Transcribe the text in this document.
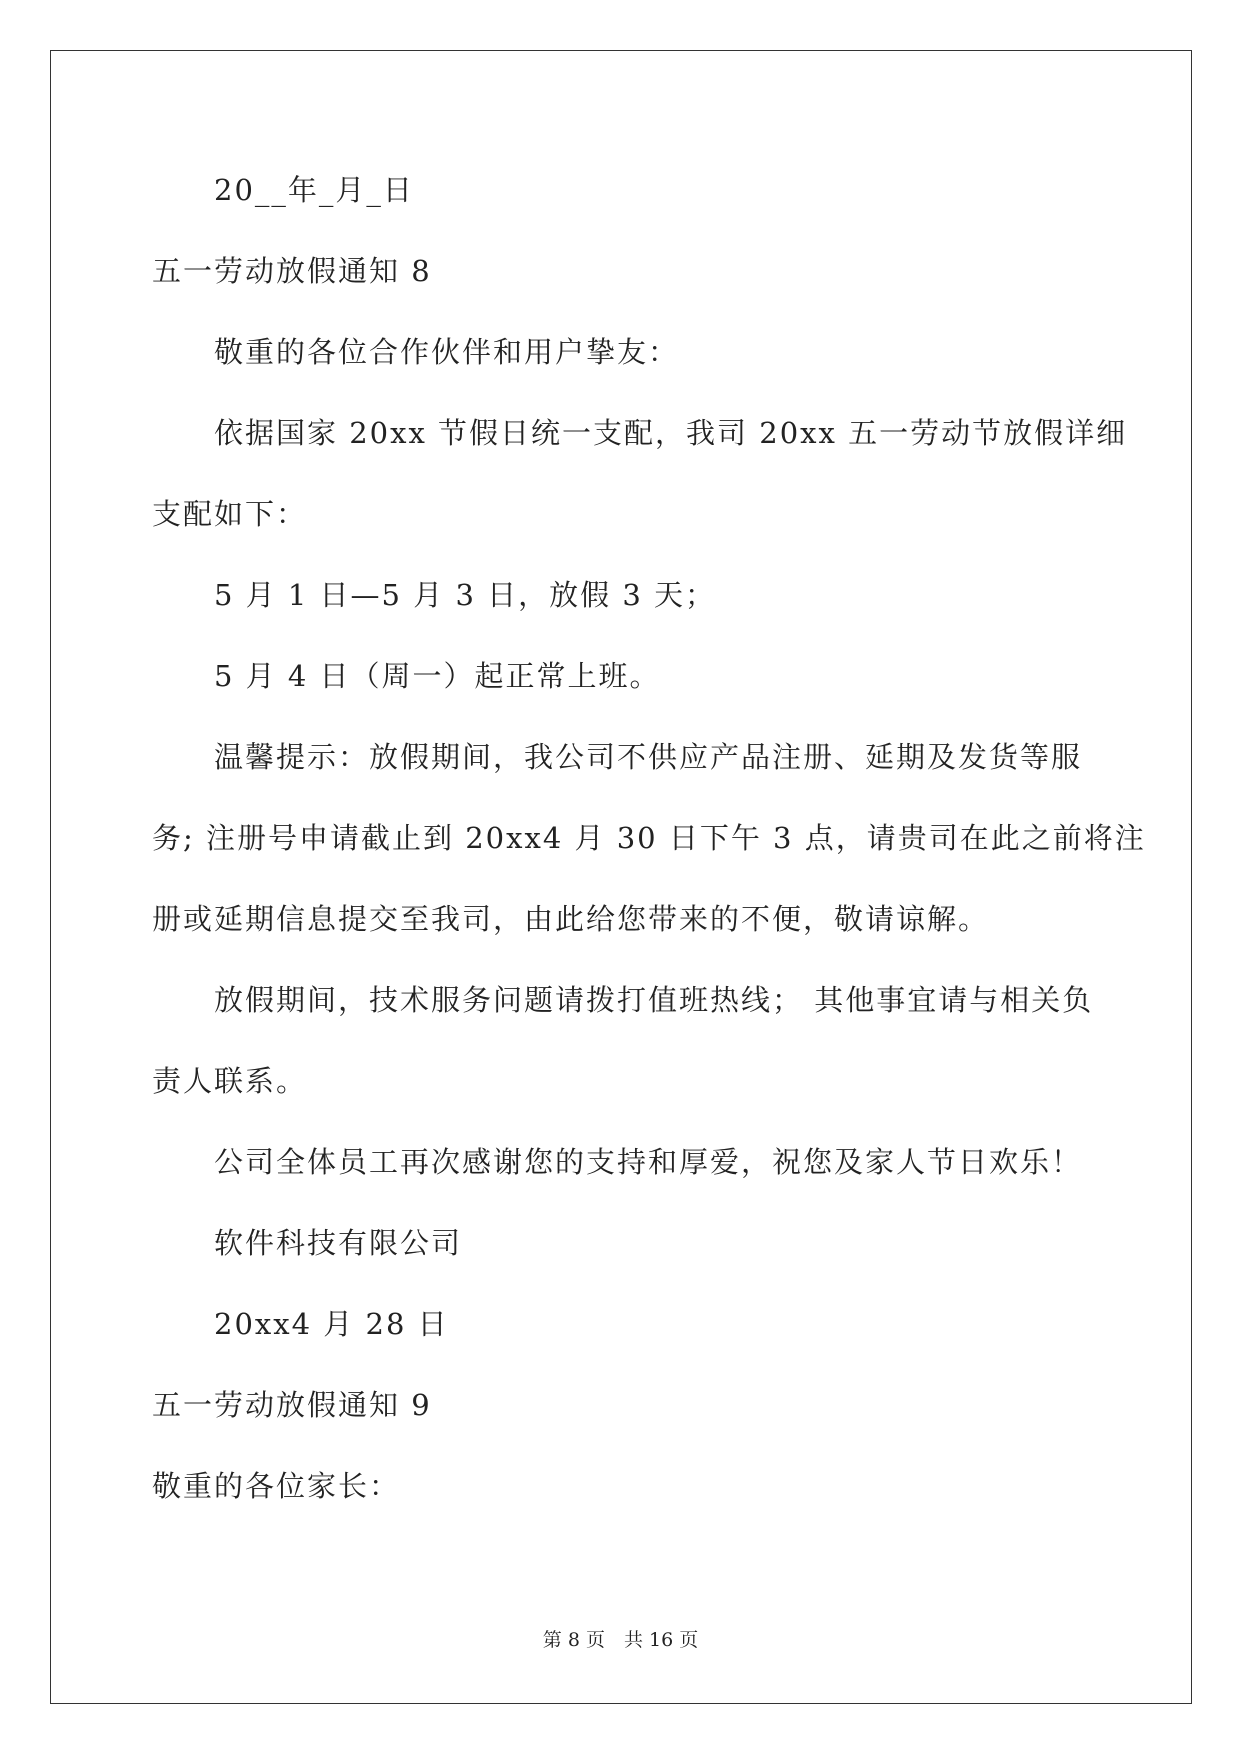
20__年_月_日
五一劳动放假通知 8
敬重的各位合作伙伴和用户挚友：
依据国家 20xx 节假日统一支配，我司 20xx 五一劳动节放假详细
支配如下：
5 月 1 日—5 月 3 日，放假 3 天；
5 月 4 日（周一）起正常上班。
温馨提示：放假期间，我公司不供应产品注册、延期及发货等服
务; 注册号申请截止到 20xx4 月 30 日下午 3 点，请贵司在此之前将注
册或延期信息提交至我司，由此给您带来的不便，敬请谅解。
放假期间，技术服务问题请拨打值班热线； 其他事宜请与相关负
责人联系。
公司全体员工再次感谢您的支持和厚爱，祝您及家人节日欢乐！
软件科技有限公司
20xx4 月 28 日
五一劳动放假通知 9
敬重的各位家长：
第 8 页　共 16 页
